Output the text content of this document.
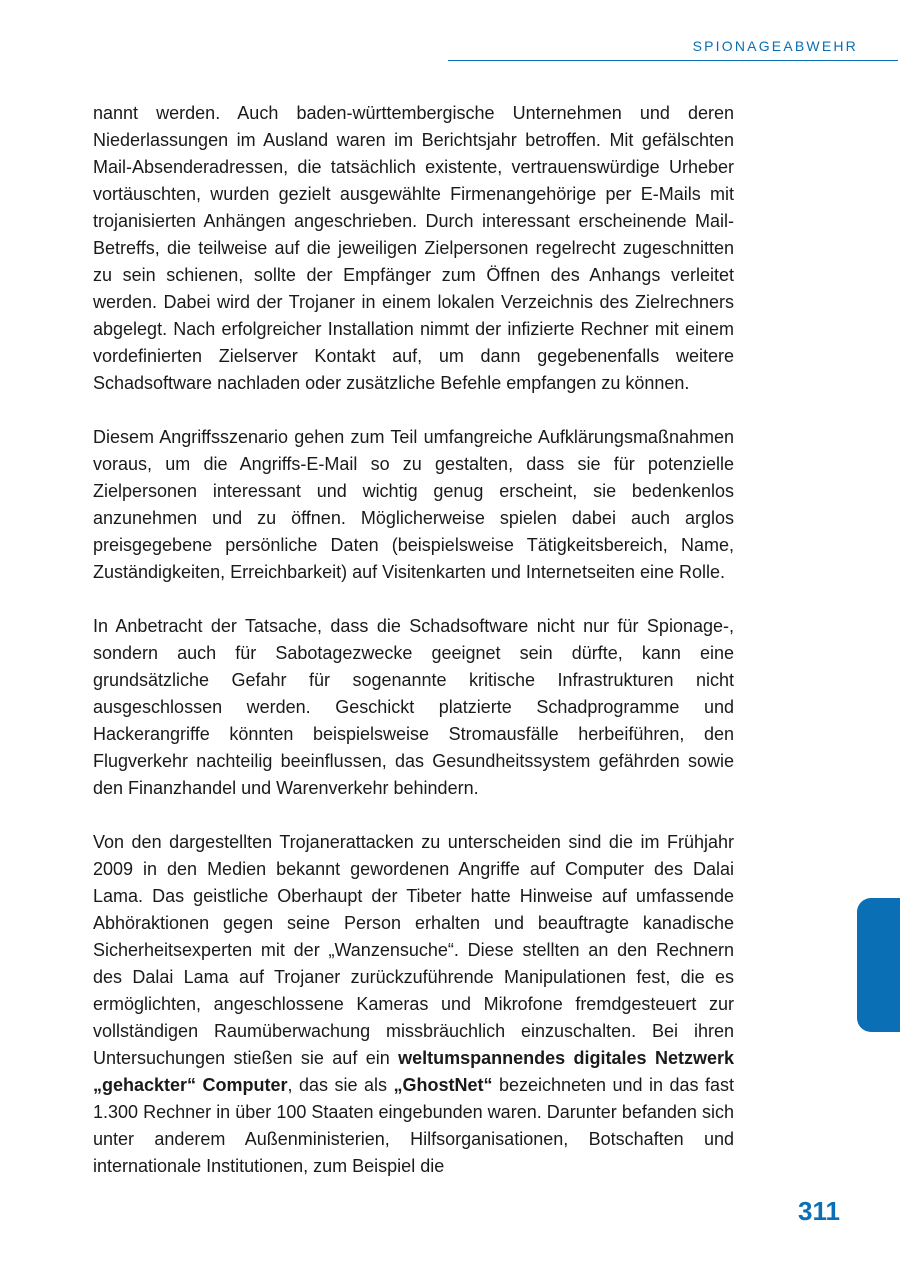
SPIONAGEABWEHR

nannt werden. Auch baden-württembergische Unternehmen und deren Niederlassungen im Ausland waren im Berichtsjahr betroffen. Mit gefälschten Mail-Absenderadressen, die tatsächlich existente, vertrauenswürdige Urheber vortäuschten, wurden gezielt ausgewählte Firmenangehörige per E-Mails mit trojanisierten Anhängen angeschrieben. Durch interessant erscheinende Mail-Betreffs, die teilweise auf die jeweiligen Zielpersonen regelrecht zugeschnitten zu sein schienen, sollte der Empfänger zum Öffnen des Anhangs verleitet werden. Dabei wird der Trojaner in einem lokalen Verzeichnis des Zielrechners abgelegt. Nach erfolgreicher Installation nimmt der infizierte Rechner mit einem vordefinierten Zielserver Kontakt auf, um dann gegebenenfalls weitere Schadsoftware nachladen oder zusätzliche Befehle empfangen zu können.

Diesem Angriffsszenario gehen zum Teil umfangreiche Aufklärungsmaßnahmen voraus, um die Angriffs-E-Mail so zu gestalten, dass sie für potenzielle Zielpersonen interessant und wichtig genug erscheint, sie bedenkenlos anzunehmen und zu öffnen. Möglicherweise spielen dabei auch arglos preisgegebene persönliche Daten (beispielsweise Tätigkeitsbereich, Name, Zuständigkeiten, Erreichbarkeit) auf Visitenkarten und Internetseiten eine Rolle.

In Anbetracht der Tatsache, dass die Schadsoftware nicht nur für Spionage-, sondern auch für Sabotagezwecke geeignet sein dürfte, kann eine grundsätzliche Gefahr für sogenannte kritische Infrastrukturen nicht ausgeschlossen werden. Geschickt platzierte Schadprogramme und Hackerangriffe könnten beispielsweise Stromausfälle herbeiführen, den Flugverkehr nachteilig beeinflussen, das Gesundheitssystem gefährden sowie den Finanzhandel und Warenverkehr behindern.

Von den dargestellten Trojanerattacken zu unterscheiden sind die im Frühjahr 2009 in den Medien bekannt gewordenen Angriffe auf Computer des Dalai Lama. Das geistliche Oberhaupt der Tibeter hatte Hinweise auf umfassende Abhöraktionen gegen seine Person erhalten und beauftragte kanadische Sicherheitsexperten mit der „Wanzensuche“. Diese stellten an den Rechnern des Dalai Lama auf Trojaner zurückzuführende Manipulationen fest, die es ermöglichten, angeschlossene Kameras und Mikrofone fremdgesteuert zur vollständigen Raumüberwachung missbräuchlich einzuschalten. Bei ihren Untersuchungen stießen sie auf ein weltumspannendes digitales Netzwerk „gehackter“ Computer, das sie als „GhostNet“ bezeichneten und in das fast 1.300 Rechner in über 100 Staaten eingebunden waren. Darunter befanden sich unter anderem Außenministerien, Hilfsorganisationen, Botschaften und internationale Institutionen, zum Beispiel die

311
